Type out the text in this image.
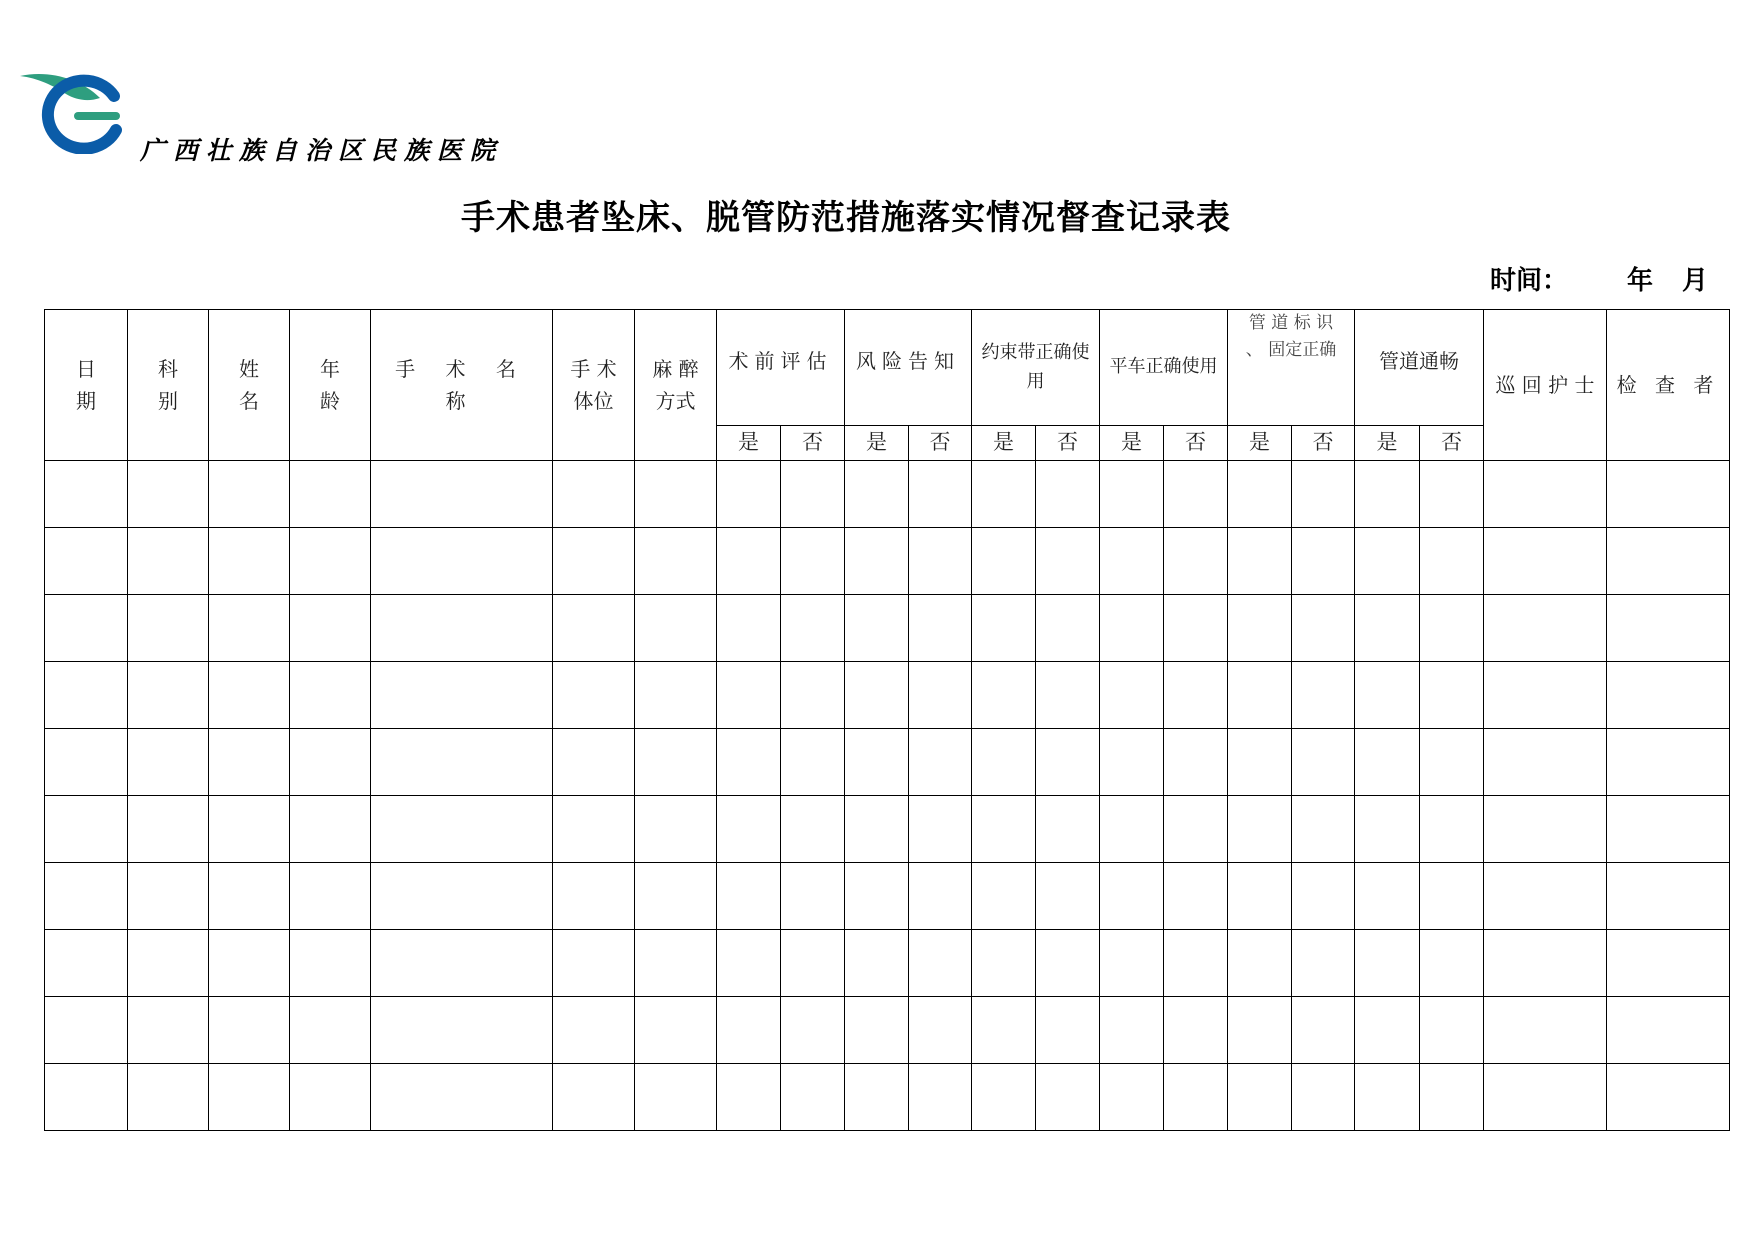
广西壮族自治区民族医院
手术患者坠床、脱管防范措施落实情况督查记录表
时间： 年 月
日期	科别	姓名	年龄	手 术 名 称	手 术 体位	麻 醉 方式	术前评估		风险告知		约束带正确使用		平车正确使用		管 道 标 识 、 固定正确		管道通畅		巡 回 护 士	检 查 者
							是	否	是	否	是	否	是	否	是	否	是	否		
